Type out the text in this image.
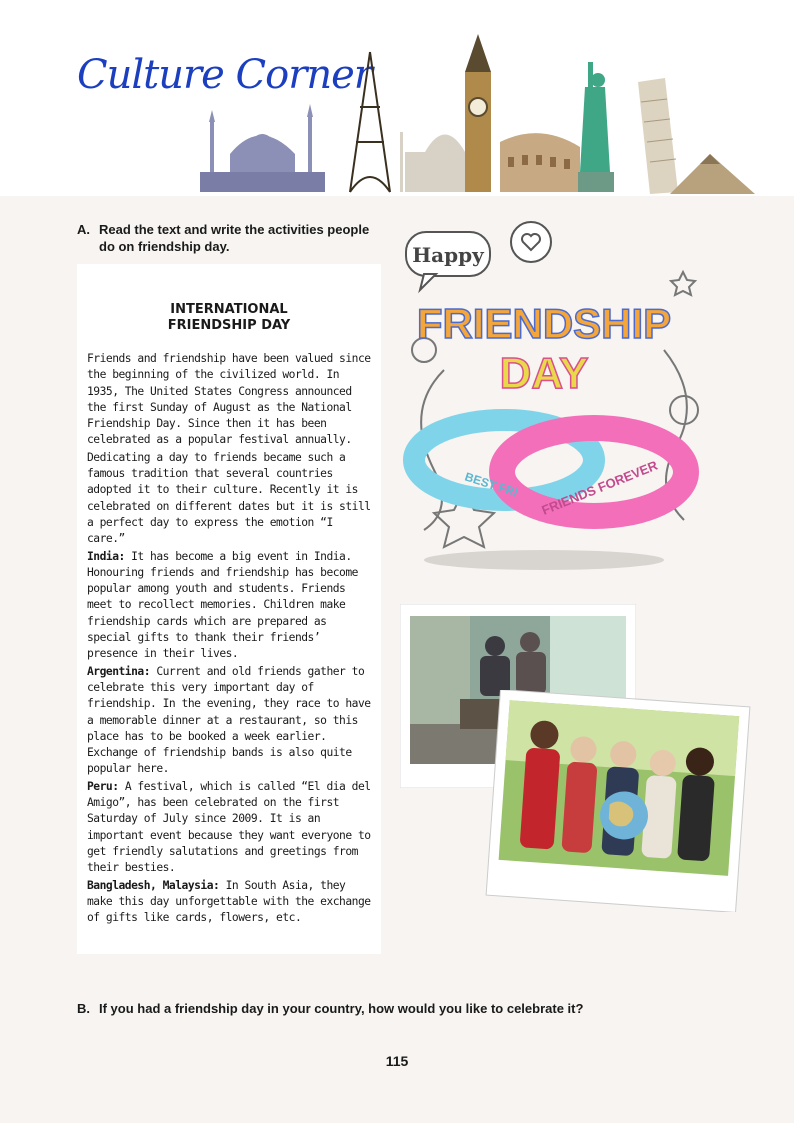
Culture Corner
A. Read the text and write the activities people do on friendship day.
INTERNATIONAL
FRIENDSHIP DAY

Friends and friendship have been valued since the beginning of the civilized world. In 1935, The United States Congress announced the first Sunday of August as the National Friendship Day. Since then it has been celebrated as a popular festival annually.

Dedicating a day to friends became such a famous tradition that several countries adopted it to their culture. Recently it is celebrated on different dates but it is still a perfect day to express the emotion “I care.”

India: It has become a big event in India. Honouring friends and friendship has become popular among youth and students. Friends meet to recollect memories. Children make friendship cards which are prepared as special gifts to thank their friends’ presence in their lives.

Argentina: Current and old friends gather to celebrate this very important day of friendship. In the evening, they race to have a memorable dinner at a restaurant, so this place has to be booked a week earlier. Exchange of friendship bands is also quite popular here.

Peru: A festival, which is called “El dia del Amigo”, has been celebrated on the first Saturday of July since 2009. It is an important event because they want everyone to get friendly salutations and greetings from their besties.

Bangladesh, Malaysia: In South Asia, they make this day unforgettable with the exchange of gifts like cards, flowers, etc.

Happy
FRIENDSHIP
DAY
BEST FRI FRIENDS FOREVER
B. If you had a friendship day in your country, how would you like to celebrate it?
115
